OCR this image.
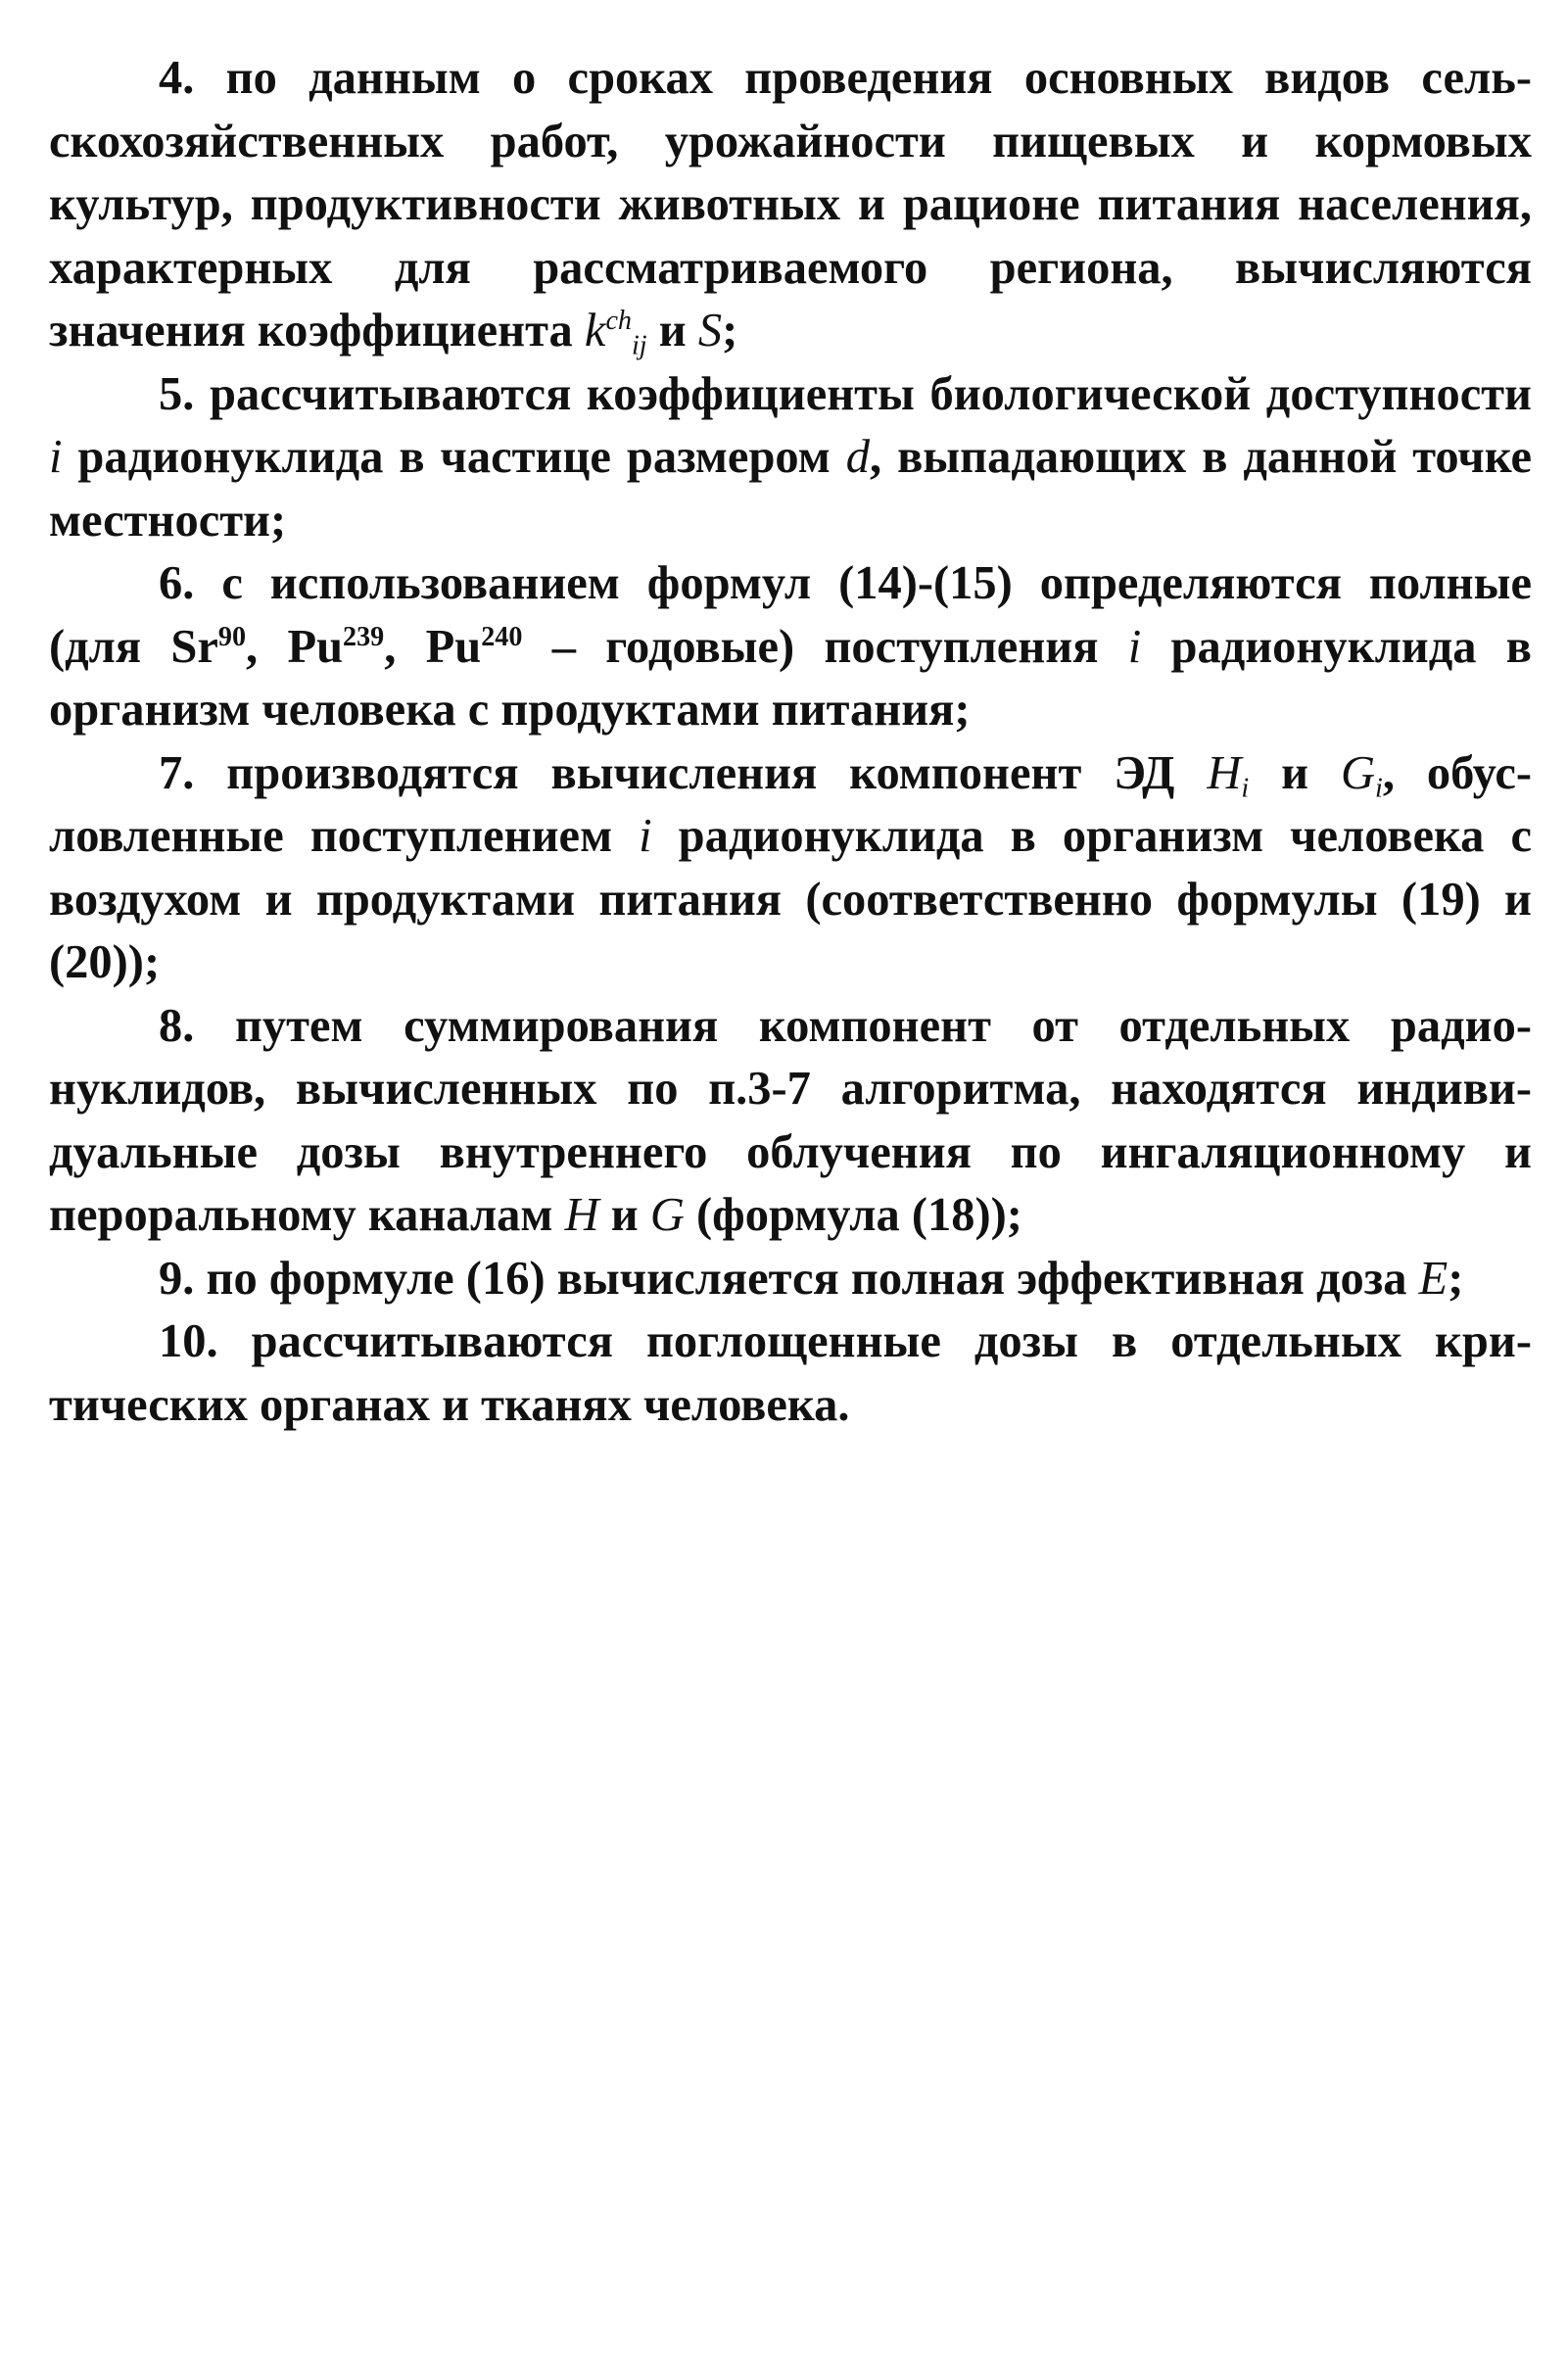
4. по данным о сроках проведения основных видов сельскохозяйственных работ, урожайности пищевых и кормовых культур, продуктивности животных и рационе питания населения, характерных для рассматриваемого региона, вычисляются значения коэффициента $k^{ch}_{ij}$ и S;

5. рассчитываются коэффициенты биологической доступности i радионуклида в частице размером d, выпадающих в данной точке местности;

6. с использованием формул (14)-(15) определяются полные (для Sr$^{90}$, Pu$^{239}$, Pu$^{240}$ – годовые) поступления i радионуклида в организм человека с продуктами питания;

7. производятся вычисления компонент ЭД $H_i$ и $G_i$, обусловленные поступлением i радионуклида в организм человека с воздухом и продуктами питания (соответственно формулы (19) и (20));

8. путем суммирования компонент от отдельных радионуклидов, вычисленных по п.3-7 алгоритма, находятся индивидуальные дозы внутреннего облучения по ингаляционному и пероральному каналам H и G (формула (18));

9. по формуле (16) вычисляется полная эффективная доза E;

10. рассчитываются поглощенные дозы в отдельных критических органах и тканях человека.
